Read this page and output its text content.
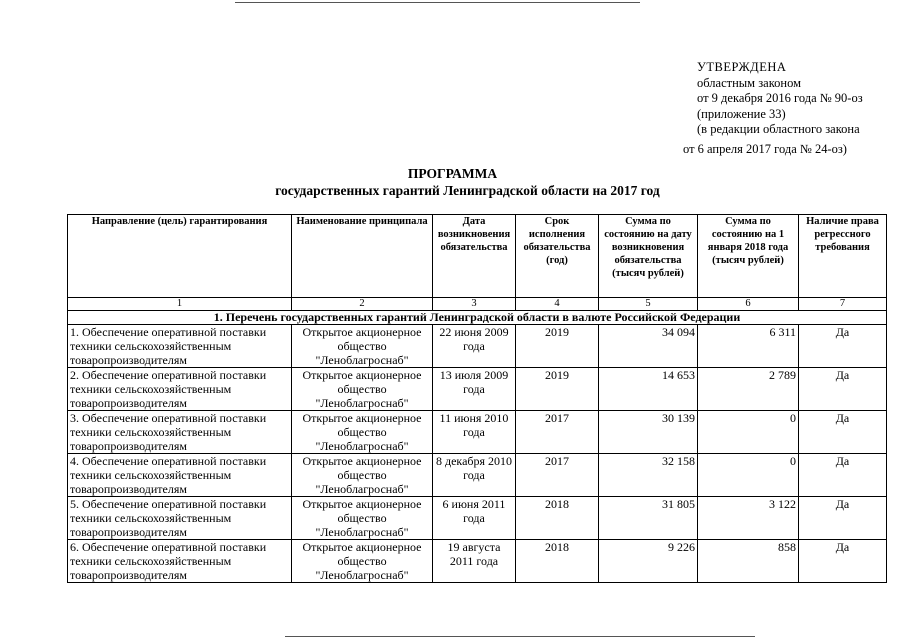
УТВЕРЖДЕНА
областным законом
от 9 декабря 2016 года № 90-оз
(приложение 33)
(в редакции областного закона
от 6 апреля 2017 года № 24-оз)
ПРОГРАММА
государственных гарантий Ленинградской области на 2017 год
Направление (цель) гарантирования	Наименование принципала	Дата возникновения обязательства	Срок исполнения обязательства (год)	Сумма по состоянию на дату возникновения обязательства (тысяч рублей)	Сумма по состоянию на 1 января 2018 года (тысяч рублей)	Наличие права регрессного требования
1	2	3	4	5	6	7
1. Перечень государственных гарантий Ленинградской области в валюте Российской Федерации						
1. Обеспечение оперативной поставки техники сельскохозяйственным товаропроизводителям	Открытое акционерное общество "Леноблагроснаб"	22 июня 2009 года	2019	34 094	6 311	Да
2. Обеспечение оперативной поставки техники сельскохозяйственным товаропроизводителям	Открытое акционерное общество "Леноблагроснаб"	13 июля 2009 года	2019	14 653	2 789	Да
3. Обеспечение оперативной поставки техники сельскохозяйственным товаропроизводителям	Открытое акционерное общество "Леноблагроснаб"	11 июня 2010 года	2017	30 139	0	Да
4. Обеспечение оперативной поставки техники сельскохозяйственным товаропроизводителям	Открытое акционерное общество "Леноблагроснаб"	8 декабря 2010 года	2017	32 158	0	Да
5. Обеспечение оперативной поставки техники сельскохозяйственным товаропроизводителям	Открытое акционерное общество "Леноблагроснаб"	6 июня 2011 года	2018	31 805	3 122	Да
6. Обеспечение оперативной поставки техники сельскохозяйственным товаропроизводителям	Открытое акционерное общество "Леноблагроснаб"	19 августа 2011 года	2018	9 226	858	Да
